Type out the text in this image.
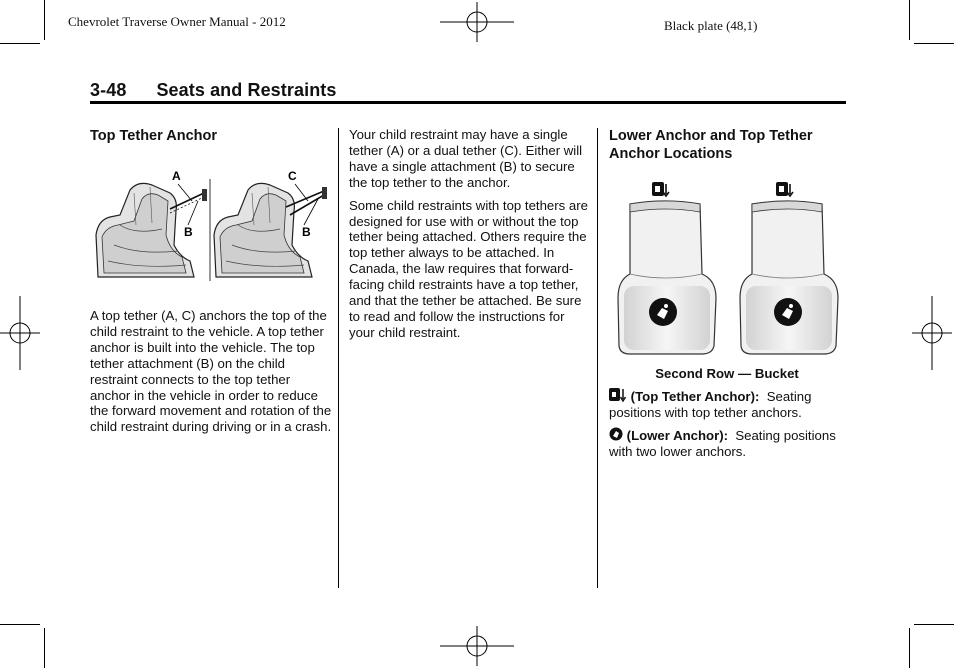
Chevrolet Traverse Owner Manual - 2012	Black plate (48,1)
3-48 Seats and Restraints
Top Tether Anchor
A
B
C
B

A top tether (A, C) anchors the top of the child restraint to the vehicle. A top tether anchor is built into the vehicle. The top tether attachment (B) on the child restraint connects to the top tether anchor in the vehicle in order to reduce the forward movement and rotation of the child restraint during driving or in a crash.

Your child restraint may have a single tether (A) or a dual tether (C). Either will have a single attachment (B) to secure the top tether to the anchor.

Some child restraints with top tethers are designed for use with or without the top tether being attached. Others require the top tether always to be attached. In Canada, the law requires that forward-facing child restraints have a top tether, and that the tether be attached. Be sure to read and follow the instructions for your child restraint.

Lower Anchor and Top Tether Anchor Locations
Second Row — Bucket
(Top Tether Anchor): Seating positions with top tether anchors.
(Lower Anchor): Seating positions with two lower anchors.
